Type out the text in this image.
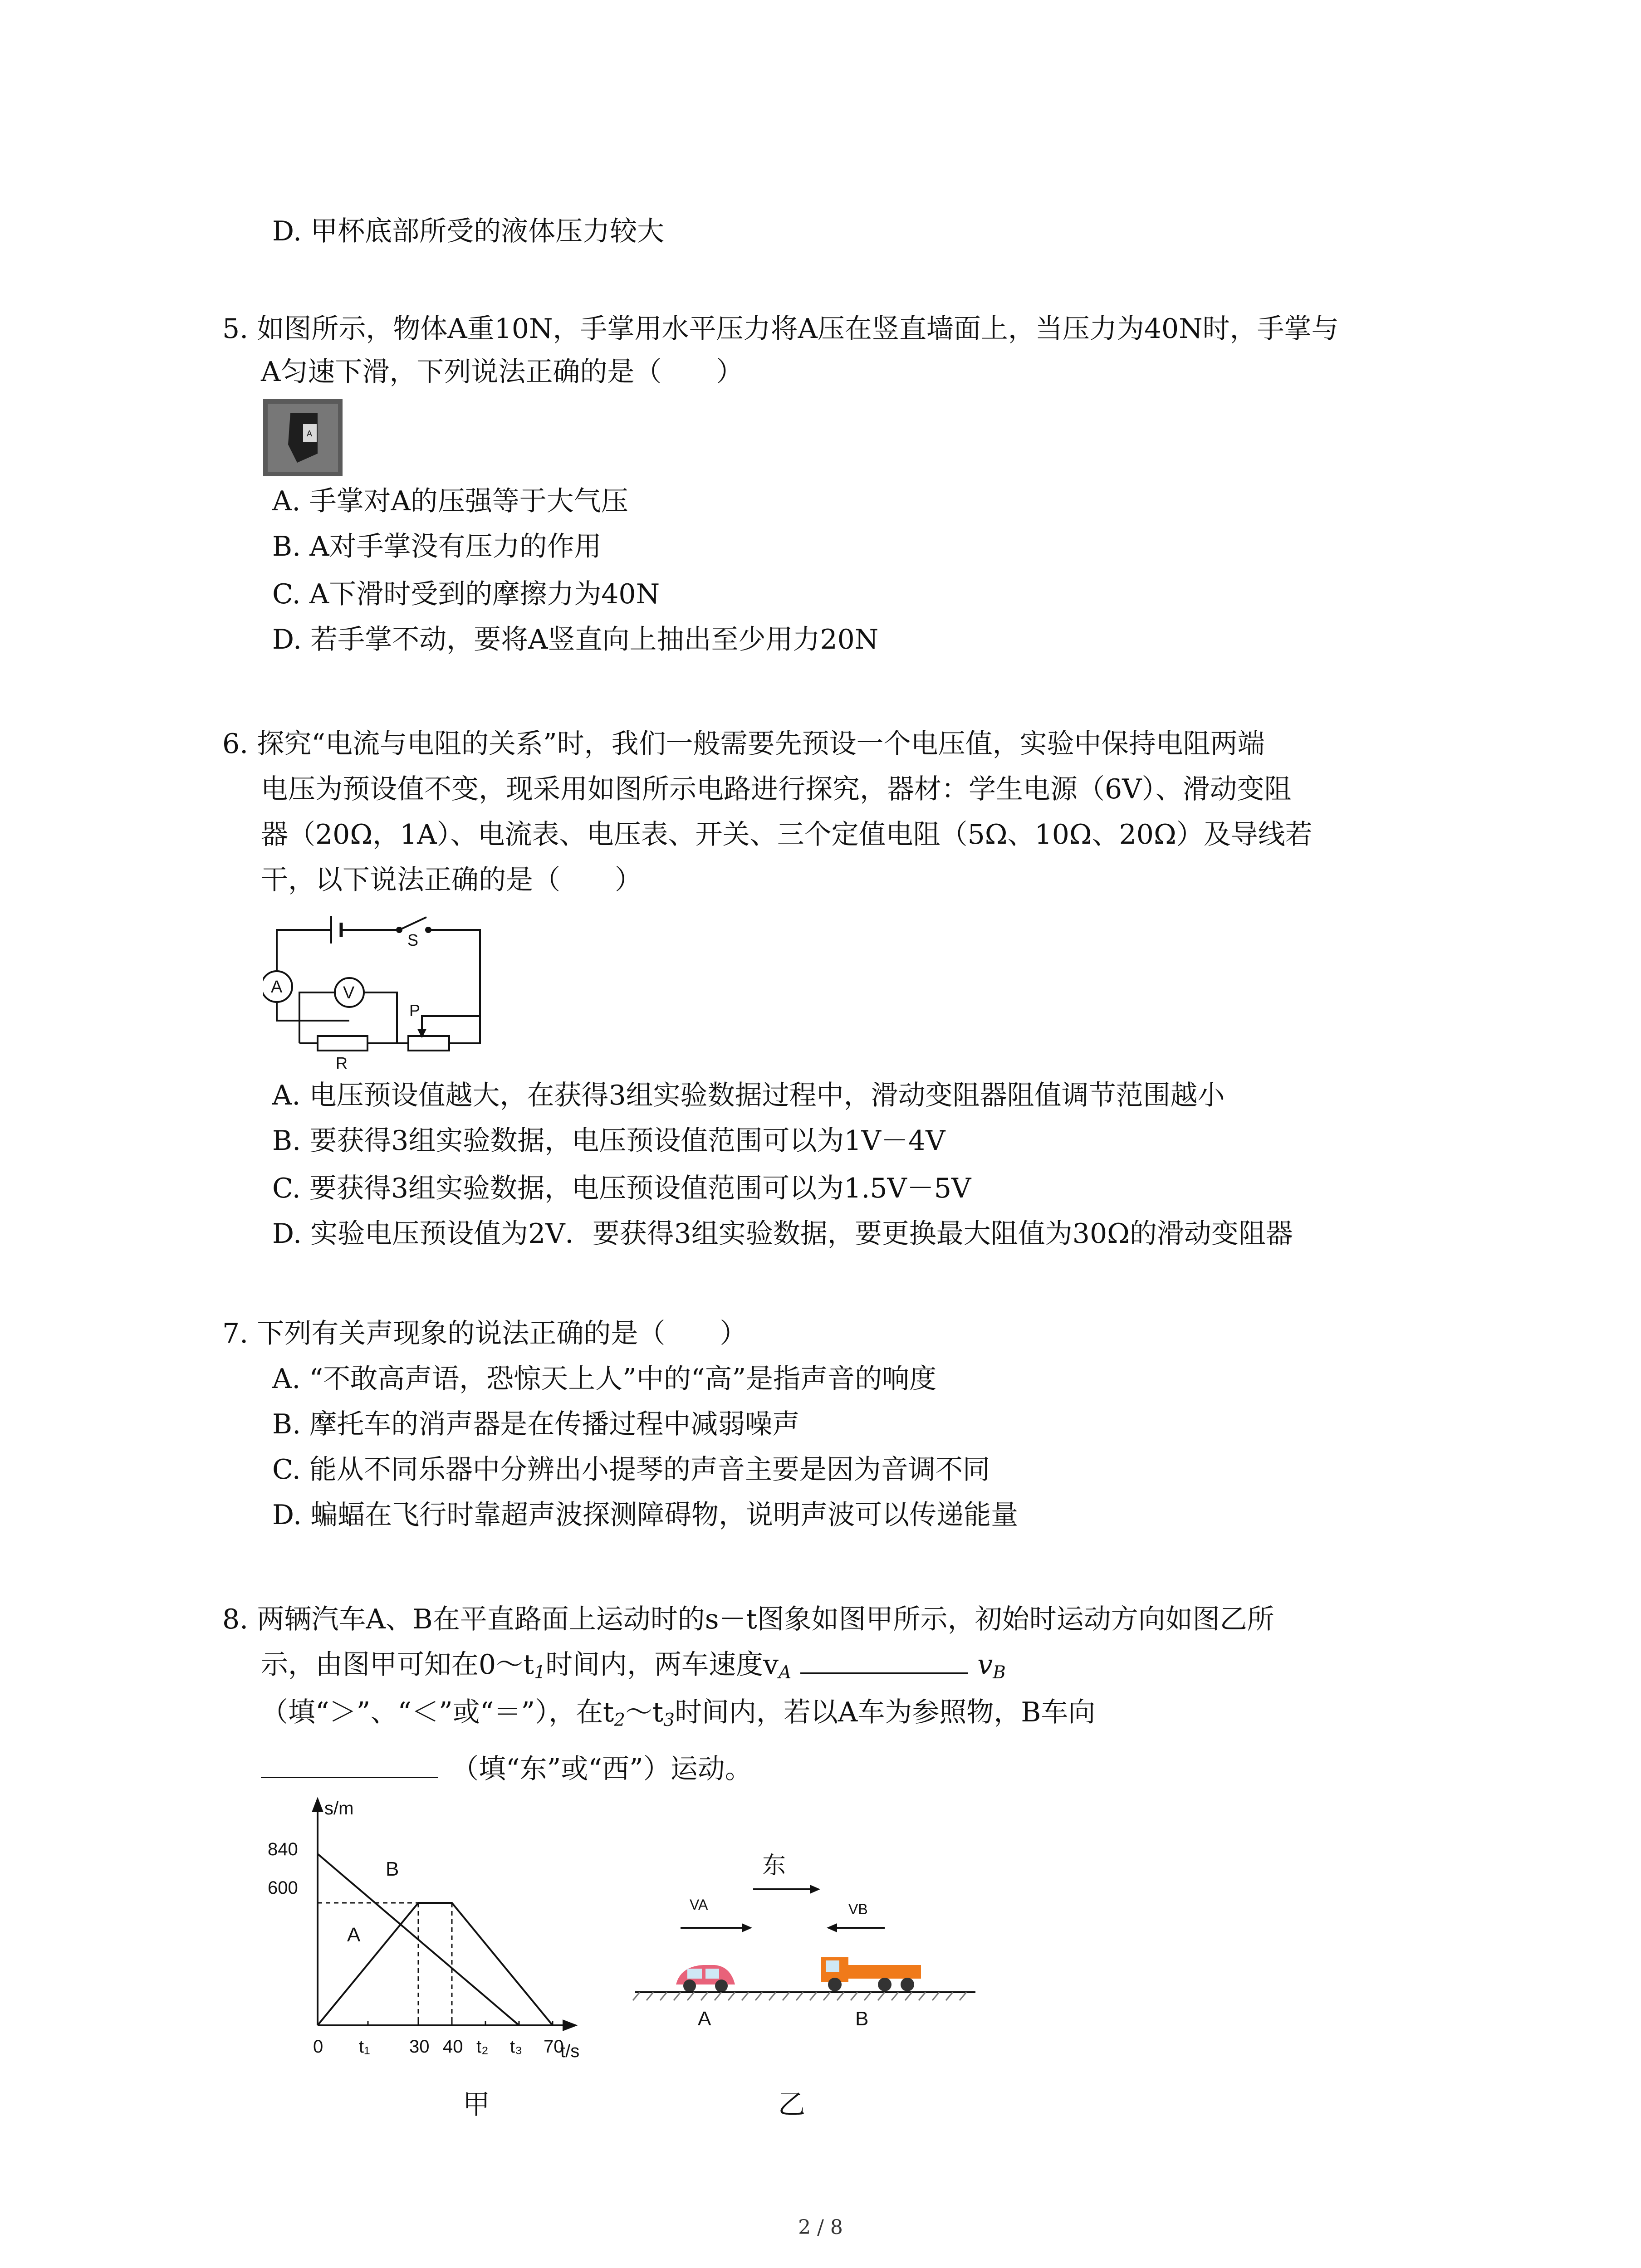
D. 甲杯底部所受的液体压力较大
5. 如图所示，物体A重10N，手掌用水平压力将A压在竖直墙面上，当压力为40N时，手掌与
A匀速下滑，下列说法正确的是（　　）
A
A. 手掌对A的压强等于大气压
B. A对手掌没有压力的作用
C. A下滑时受到的摩擦力为40N
D. 若手掌不动，要将A竖直向上抽出至少用力20N
6. 探究“电流与电阻的关系”时，我们一般需要先预设一个电压值，实验中保持电阻两端
电压为预设值不变，现采用如图所示电路进行探究，器材：学生电源（6V）、滑动变阻
器（20Ω，1A）、电流表、电压表、开关、三个定值电阻（5Ω、10Ω、20Ω）及导线若
干，以下说法正确的是（　　）
S
A	V
R
P
A. 电压预设值越大，在获得3组实验数据过程中，滑动变阻器阻值调节范围越小
B. 要获得3组实验数据，电压预设值范围可以为1V－4V
C. 要获得3组实验数据，电压预设值范围可以为1.5V－5V
D. 实验电压预设值为2V．要获得3组实验数据，要更换最大阻值为30Ω的滑动变阻器
7. 下列有关声现象的说法正确的是（　　）
A. “不敢高声语，恐惊天上人”中的“高”是指声音的响度
B. 摩托车的消声器是在传播过程中减弱噪声
C. 能从不同乐器中分辨出小提琴的声音主要是因为音调不同
D. 蝙蝠在飞行时靠超声波探测障碍物，说明声波可以传递能量
8. 两辆汽车A、B在平直路面上运动时的s－t图象如图甲所示，初始时运动方向如图乙所
示，由图甲可知在$0\sim t_1$时间内，两车速度$v_A$	$v_B$
（填“＞”、“＜”或“＝”），在$t_2\sim t_3$时间内，若以A车为参照物，B车向
（填“东”或“西”）运动。
s/m
t/s
840
600
0 t₁ 30 40 t₂ t₃ 70
B
A
甲
东
VA	VB
A	B
乙
2 / 8
